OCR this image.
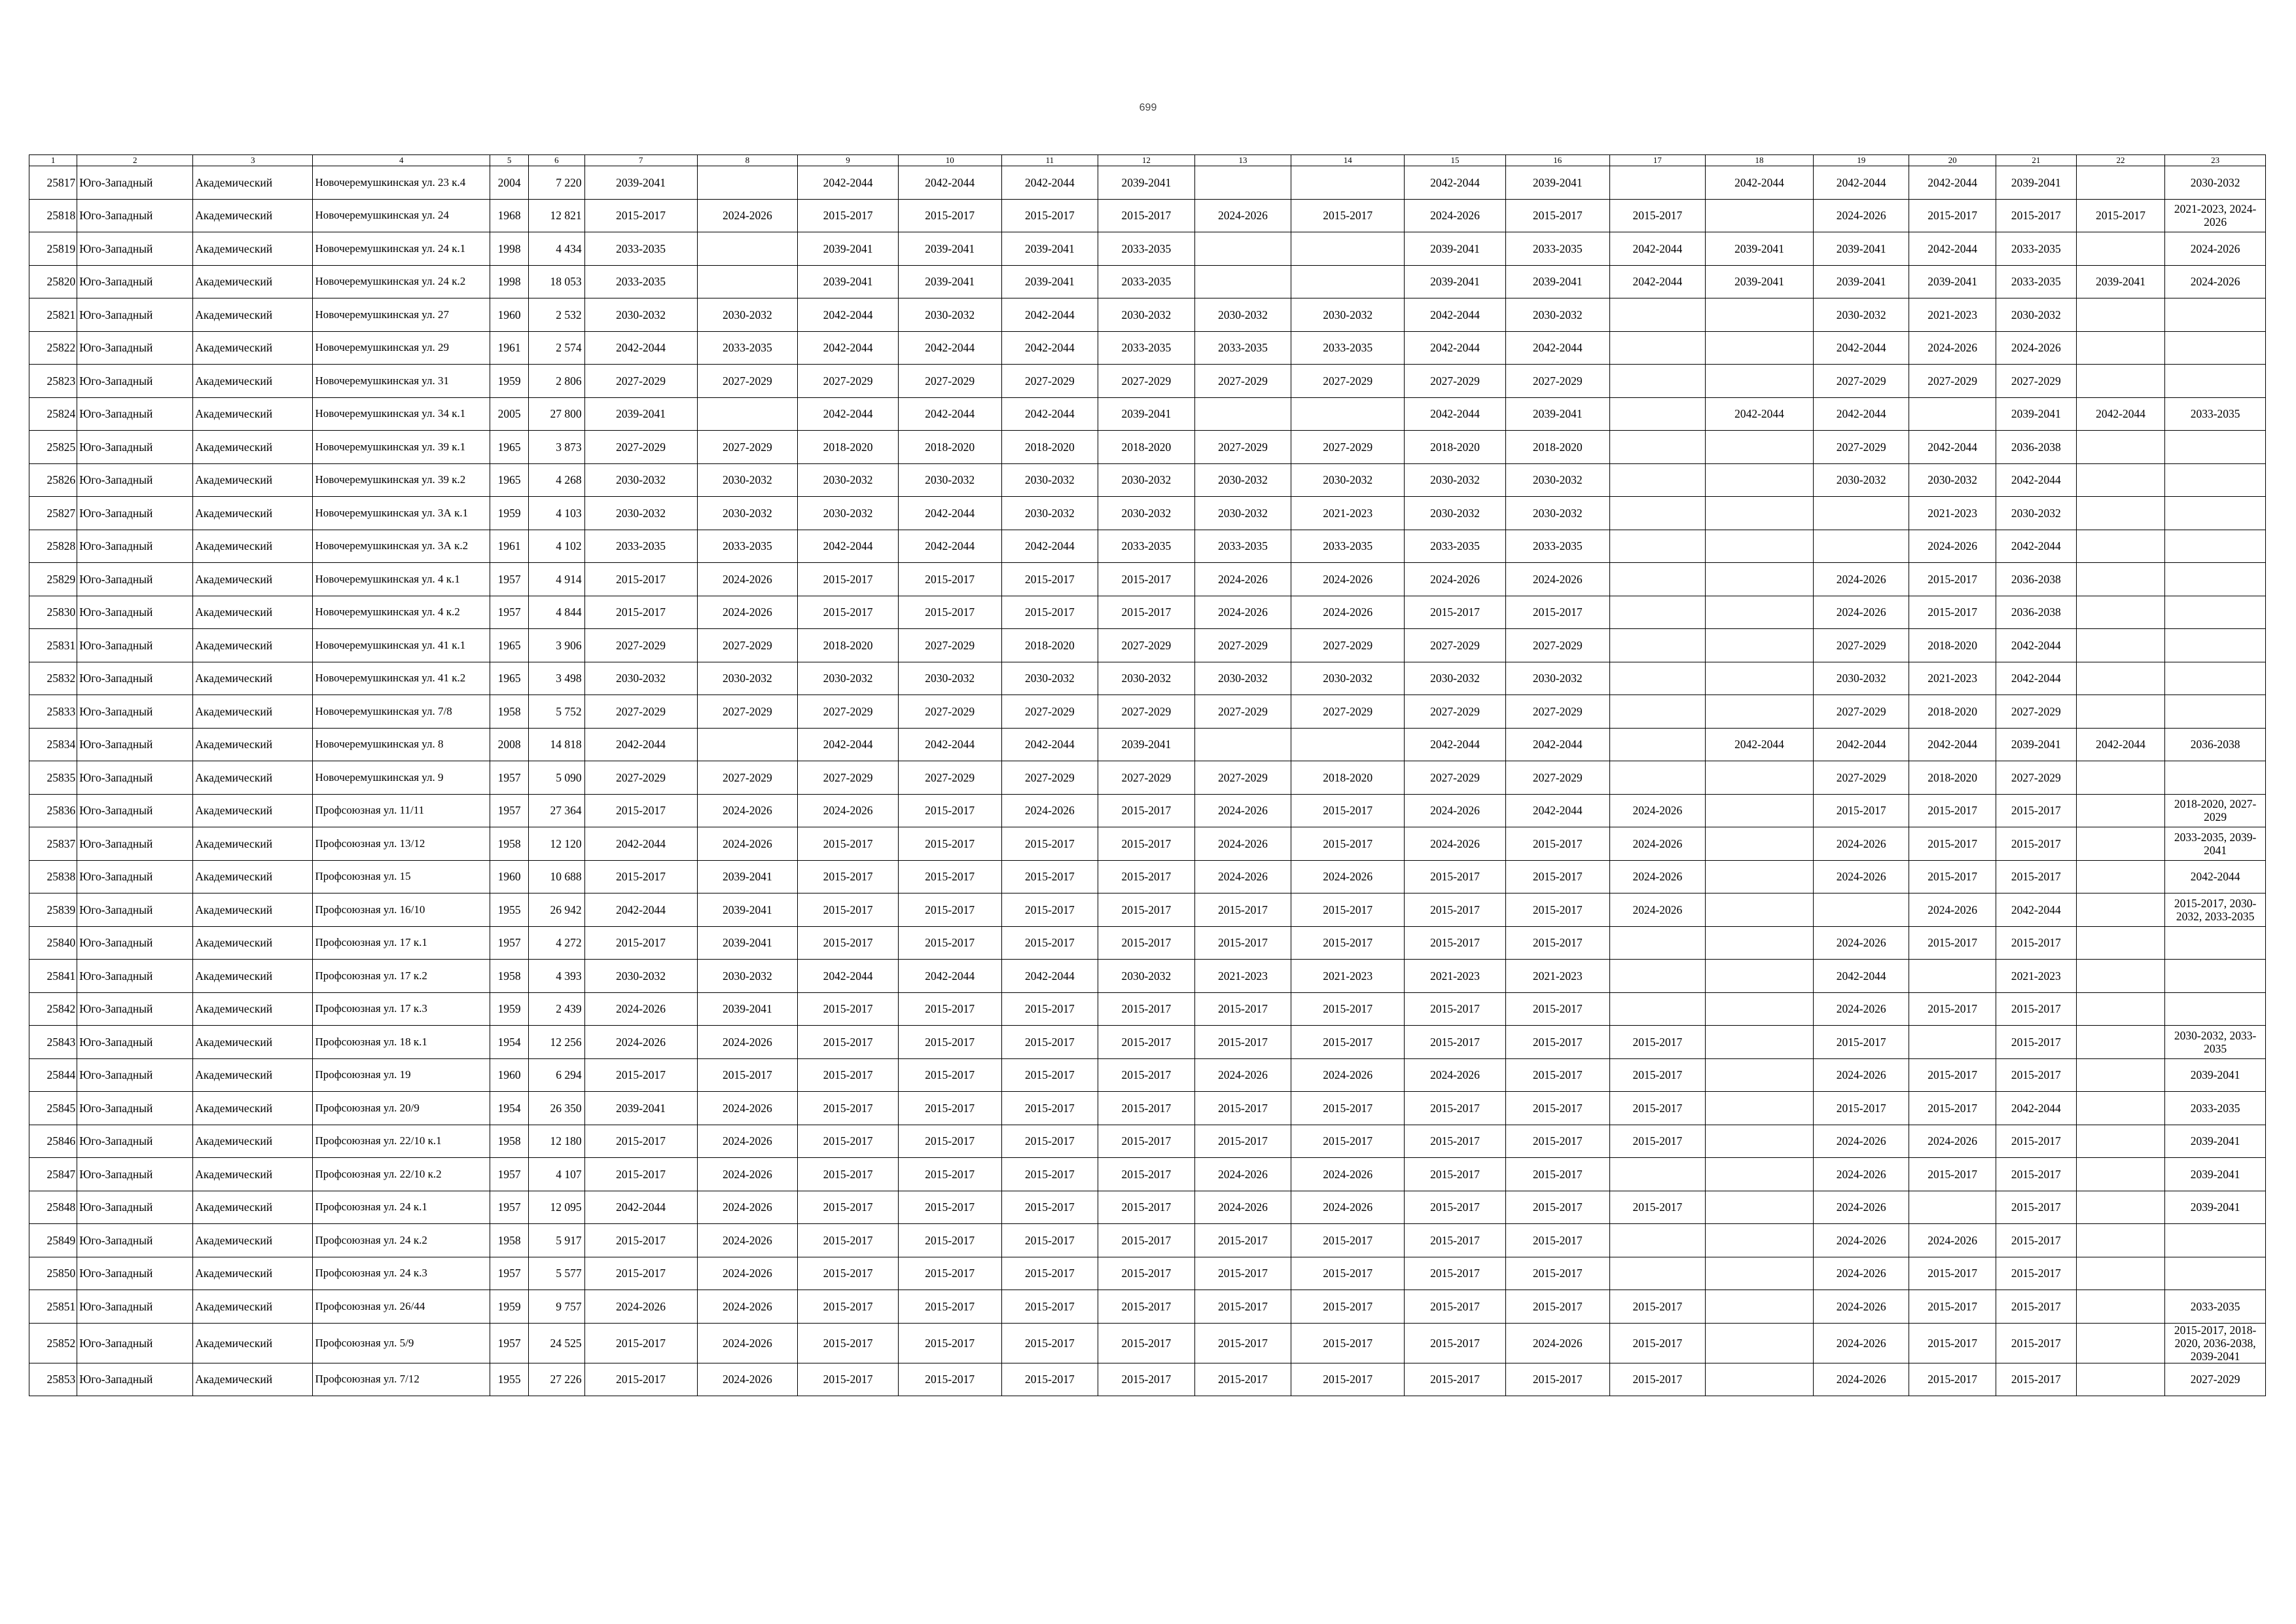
699
1	2	3	4	5	6	7	8	9	10	11	12	13	14	15	16	17	18	19	20	21	22	23
25817	Юго-Западный	Академический	Новочеремушкинская ул. 23 к.4	2004	7 220	2039-2041		2042-2044	2042-2044	2042-2044	2039-2041			2042-2044	2039-2041		2042-2044	2042-2044	2042-2044	2039-2041		2030-2032
25818	Юго-Западный	Академический	Новочеремушкинская ул. 24	1968	12 821	2015-2017	2024-2026	2015-2017	2015-2017	2015-2017	2015-2017	2024-2026	2015-2017	2024-2026	2015-2017	2015-2017		2024-2026	2015-2017	2015-2017	2015-2017	2021-2023, 2024-2026
25819	Юго-Западный	Академический	Новочеремушкинская ул. 24 к.1	1998	4 434	2033-2035		2039-2041	2039-2041	2039-2041	2033-2035			2039-2041	2033-2035	2042-2044	2039-2041	2039-2041	2042-2044	2033-2035		2024-2026
25820	Юго-Западный	Академический	Новочеремушкинская ул. 24 к.2	1998	18 053	2033-2035		2039-2041	2039-2041	2039-2041	2033-2035			2039-2041	2039-2041	2042-2044	2039-2041	2039-2041	2039-2041	2033-2035	2039-2041	2024-2026
25821	Юго-Западный	Академический	Новочеремушкинская ул. 27	1960	2 532	2030-2032	2030-2032	2042-2044	2030-2032	2042-2044	2030-2032	2030-2032	2030-2032	2042-2044	2030-2032			2030-2032	2021-2023	2030-2032		
25822	Юго-Западный	Академический	Новочеремушкинская ул. 29	1961	2 574	2042-2044	2033-2035	2042-2044	2042-2044	2042-2044	2033-2035	2033-2035	2033-2035	2042-2044	2042-2044			2042-2044	2024-2026	2024-2026		
25823	Юго-Западный	Академический	Новочеремушкинская ул. 31	1959	2 806	2027-2029	2027-2029	2027-2029	2027-2029	2027-2029	2027-2029	2027-2029	2027-2029	2027-2029	2027-2029			2027-2029	2027-2029	2027-2029		
25824	Юго-Западный	Академический	Новочеремушкинская ул. 34 к.1	2005	27 800	2039-2041		2042-2044	2042-2044	2042-2044	2039-2041			2042-2044	2039-2041		2042-2044	2042-2044		2039-2041	2042-2044	2033-2035
25825	Юго-Западный	Академический	Новочеремушкинская ул. 39 к.1	1965	3 873	2027-2029	2027-2029	2018-2020	2018-2020	2018-2020	2018-2020	2027-2029	2027-2029	2018-2020	2018-2020			2027-2029	2042-2044	2036-2038		
25826	Юго-Западный	Академический	Новочеремушкинская ул. 39 к.2	1965	4 268	2030-2032	2030-2032	2030-2032	2030-2032	2030-2032	2030-2032	2030-2032	2030-2032	2030-2032	2030-2032			2030-2032	2030-2032	2042-2044		
25827	Юго-Западный	Академический	Новочеремушкинская ул. 3А к.1	1959	4 103	2030-2032	2030-2032	2030-2032	2042-2044	2030-2032	2030-2032	2030-2032	2021-2023	2030-2032	2030-2032				2021-2023	2030-2032		
25828	Юго-Западный	Академический	Новочеремушкинская ул. 3А к.2	1961	4 102	2033-2035	2033-2035	2042-2044	2042-2044	2042-2044	2033-2035	2033-2035	2033-2035	2033-2035	2033-2035				2024-2026	2042-2044		
25829	Юго-Западный	Академический	Новочеремушкинская ул. 4 к.1	1957	4 914	2015-2017	2024-2026	2015-2017	2015-2017	2015-2017	2015-2017	2024-2026	2024-2026	2024-2026	2024-2026			2024-2026	2015-2017	2036-2038		
25830	Юго-Западный	Академический	Новочеремушкинская ул. 4 к.2	1957	4 844	2015-2017	2024-2026	2015-2017	2015-2017	2015-2017	2015-2017	2024-2026	2024-2026	2015-2017	2015-2017			2024-2026	2015-2017	2036-2038		
25831	Юго-Западный	Академический	Новочеремушкинская ул. 41 к.1	1965	3 906	2027-2029	2027-2029	2018-2020	2027-2029	2018-2020	2027-2029	2027-2029	2027-2029	2027-2029	2027-2029			2027-2029	2018-2020	2042-2044		
25832	Юго-Западный	Академический	Новочеремушкинская ул. 41 к.2	1965	3 498	2030-2032	2030-2032	2030-2032	2030-2032	2030-2032	2030-2032	2030-2032	2030-2032	2030-2032	2030-2032			2030-2032	2021-2023	2042-2044		
25833	Юго-Западный	Академический	Новочеремушкинская ул. 7/8	1958	5 752	2027-2029	2027-2029	2027-2029	2027-2029	2027-2029	2027-2029	2027-2029	2027-2029	2027-2029	2027-2029			2027-2029	2018-2020	2027-2029		
25834	Юго-Западный	Академический	Новочеремушкинская ул. 8	2008	14 818	2042-2044		2042-2044	2042-2044	2042-2044	2039-2041			2042-2044	2042-2044		2042-2044	2042-2044	2042-2044	2039-2041	2042-2044	2036-2038
25835	Юго-Западный	Академический	Новочеремушкинская ул. 9	1957	5 090	2027-2029	2027-2029	2027-2029	2027-2029	2027-2029	2027-2029	2027-2029	2018-2020	2027-2029	2027-2029			2027-2029	2018-2020	2027-2029		
25836	Юго-Западный	Академический	Профсоюзная ул. 11/11	1957	27 364	2015-2017	2024-2026	2024-2026	2015-2017	2024-2026	2015-2017	2024-2026	2015-2017	2024-2026	2042-2044	2024-2026		2015-2017	2015-2017	2015-2017		2018-2020, 2027-2029
25837	Юго-Западный	Академический	Профсоюзная ул. 13/12	1958	12 120	2042-2044	2024-2026	2015-2017	2015-2017	2015-2017	2015-2017	2024-2026	2015-2017	2024-2026	2015-2017	2024-2026		2024-2026	2015-2017	2015-2017		2033-2035, 2039-2041
25838	Юго-Западный	Академический	Профсоюзная ул. 15	1960	10 688	2015-2017	2039-2041	2015-2017	2015-2017	2015-2017	2015-2017	2024-2026	2024-2026	2015-2017	2015-2017	2024-2026		2024-2026	2015-2017	2015-2017		2042-2044
25839	Юго-Западный	Академический	Профсоюзная ул. 16/10	1955	26 942	2042-2044	2039-2041	2015-2017	2015-2017	2015-2017	2015-2017	2015-2017	2015-2017	2015-2017	2015-2017	2024-2026			2024-2026	2042-2044		2015-2017, 2030-2032, 2033-2035
25840	Юго-Западный	Академический	Профсоюзная ул. 17 к.1	1957	4 272	2015-2017	2039-2041	2015-2017	2015-2017	2015-2017	2015-2017	2015-2017	2015-2017	2015-2017	2015-2017			2024-2026	2015-2017	2015-2017		
25841	Юго-Западный	Академический	Профсоюзная ул. 17 к.2	1958	4 393	2030-2032	2030-2032	2042-2044	2042-2044	2042-2044	2030-2032	2021-2023	2021-2023	2021-2023	2021-2023			2042-2044		2021-2023		
25842	Юго-Западный	Академический	Профсоюзная ул. 17 к.3	1959	2 439	2024-2026	2039-2041	2015-2017	2015-2017	2015-2017	2015-2017	2015-2017	2015-2017	2015-2017	2015-2017			2024-2026	2015-2017	2015-2017		
25843	Юго-Западный	Академический	Профсоюзная ул. 18 к.1	1954	12 256	2024-2026	2024-2026	2015-2017	2015-2017	2015-2017	2015-2017	2015-2017	2015-2017	2015-2017	2015-2017	2015-2017		2015-2017		2015-2017		2030-2032, 2033-2035
25844	Юго-Западный	Академический	Профсоюзная ул. 19	1960	6 294	2015-2017	2015-2017	2015-2017	2015-2017	2015-2017	2015-2017	2024-2026	2024-2026	2024-2026	2015-2017	2015-2017		2024-2026	2015-2017	2015-2017		2039-2041
25845	Юго-Западный	Академический	Профсоюзная ул. 20/9	1954	26 350	2039-2041	2024-2026	2015-2017	2015-2017	2015-2017	2015-2017	2015-2017	2015-2017	2015-2017	2015-2017	2015-2017		2015-2017	2015-2017	2042-2044		2033-2035
25846	Юго-Западный	Академический	Профсоюзная ул. 22/10 к.1	1958	12 180	2015-2017	2024-2026	2015-2017	2015-2017	2015-2017	2015-2017	2015-2017	2015-2017	2015-2017	2015-2017	2015-2017		2024-2026	2024-2026	2015-2017		2039-2041
25847	Юго-Западный	Академический	Профсоюзная ул. 22/10 к.2	1957	4 107	2015-2017	2024-2026	2015-2017	2015-2017	2015-2017	2015-2017	2024-2026	2024-2026	2015-2017	2015-2017			2024-2026	2015-2017	2015-2017		2039-2041
25848	Юго-Западный	Академический	Профсоюзная ул. 24 к.1	1957	12 095	2042-2044	2024-2026	2015-2017	2015-2017	2015-2017	2015-2017	2024-2026	2024-2026	2015-2017	2015-2017	2015-2017		2024-2026		2015-2017		2039-2041
25849	Юго-Западный	Академический	Профсоюзная ул. 24 к.2	1958	5 917	2015-2017	2024-2026	2015-2017	2015-2017	2015-2017	2015-2017	2015-2017	2015-2017	2015-2017	2015-2017			2024-2026	2024-2026	2015-2017		
25850	Юго-Западный	Академический	Профсоюзная ул. 24 к.3	1957	5 577	2015-2017	2024-2026	2015-2017	2015-2017	2015-2017	2015-2017	2015-2017	2015-2017	2015-2017	2015-2017			2024-2026	2015-2017	2015-2017		
25851	Юго-Западный	Академический	Профсоюзная ул. 26/44	1959	9 757	2024-2026	2024-2026	2015-2017	2015-2017	2015-2017	2015-2017	2015-2017	2015-2017	2015-2017	2015-2017	2015-2017		2024-2026	2015-2017	2015-2017		2033-2035
25852	Юго-Западный	Академический	Профсоюзная ул. 5/9	1957	24 525	2015-2017	2024-2026	2015-2017	2015-2017	2015-2017	2015-2017	2015-2017	2015-2017	2015-2017	2024-2026	2015-2017		2024-2026	2015-2017	2015-2017		2015-2017, 2018-2020, 2036-2038, 2039-2041
25853	Юго-Западный	Академический	Профсоюзная ул. 7/12	1955	27 226	2015-2017	2024-2026	2015-2017	2015-2017	2015-2017	2015-2017	2015-2017	2015-2017	2015-2017	2015-2017	2015-2017		2024-2026	2015-2017	2015-2017		2027-2029
